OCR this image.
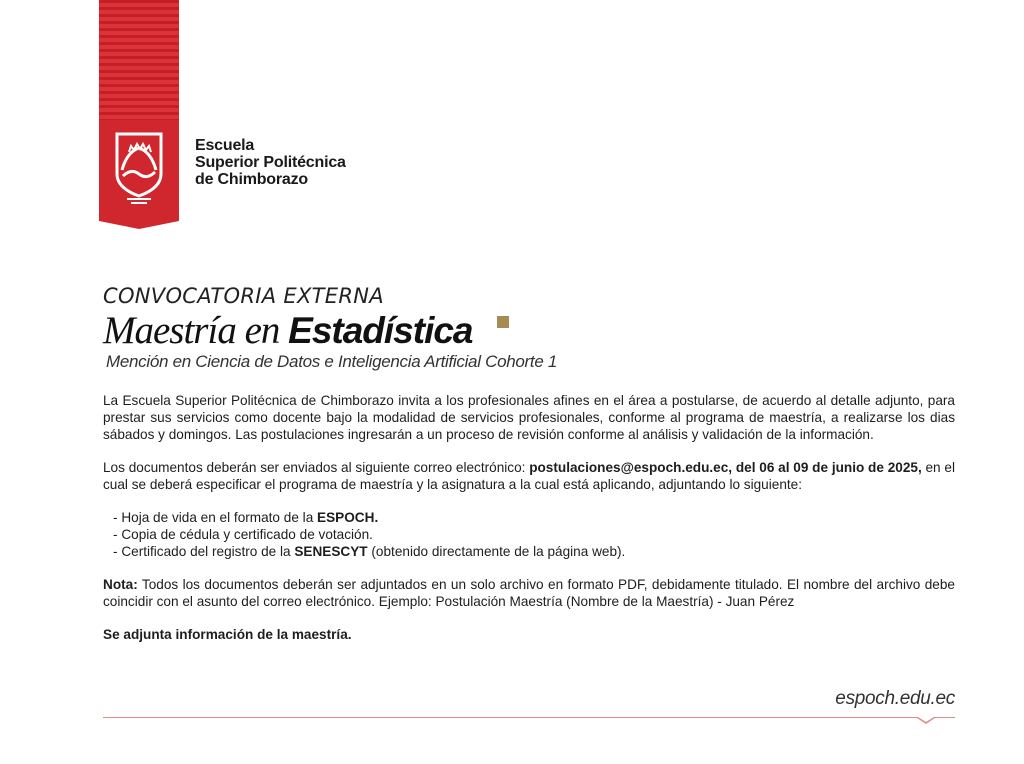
Escuela
Superior Politécnica
de Chimborazo
CONVOCATORIA EXTERNA
Maestría en Estadística
Mención en Ciencia de Datos e Inteligencia Artificial Cohorte 1

La Escuela Superior Politécnica de Chimborazo invita a los profesionales afines en el área a postularse, de acuerdo al detalle adjunto, para prestar sus servicios como docente bajo la modalidad de servicios profesionales, conforme al programa de maestría, a realizarse los dias sábados y domingos. Las postulaciones ingresarán a un proceso de revisión conforme al análisis y validación de la información.

Los documentos deberán ser enviados al siguiente correo electrónico: postulaciones@espoch.edu.ec, del 06 al 09 de junio de 2025, en el cual se deberá especificar el programa de maestría y la asignatura a la cual está aplicando, adjuntando lo siguiente:

- Hoja de vida en el formato de la ESPOCH.
- Copia de cédula y certificado de votación.
- Certificado del registro de la SENESCYT (obtenido directamente de la página web).

Nota: Todos los documentos deberán ser adjuntados en un solo archivo en formato PDF, debidamente titulado. El nombre del archivo debe coincidir con el asunto del correo electrónico. Ejemplo: Postulación Maestría (Nombre de la Maestría) - Juan Pérez

Se adjunta información de la maestría.

espoch.edu.ec
